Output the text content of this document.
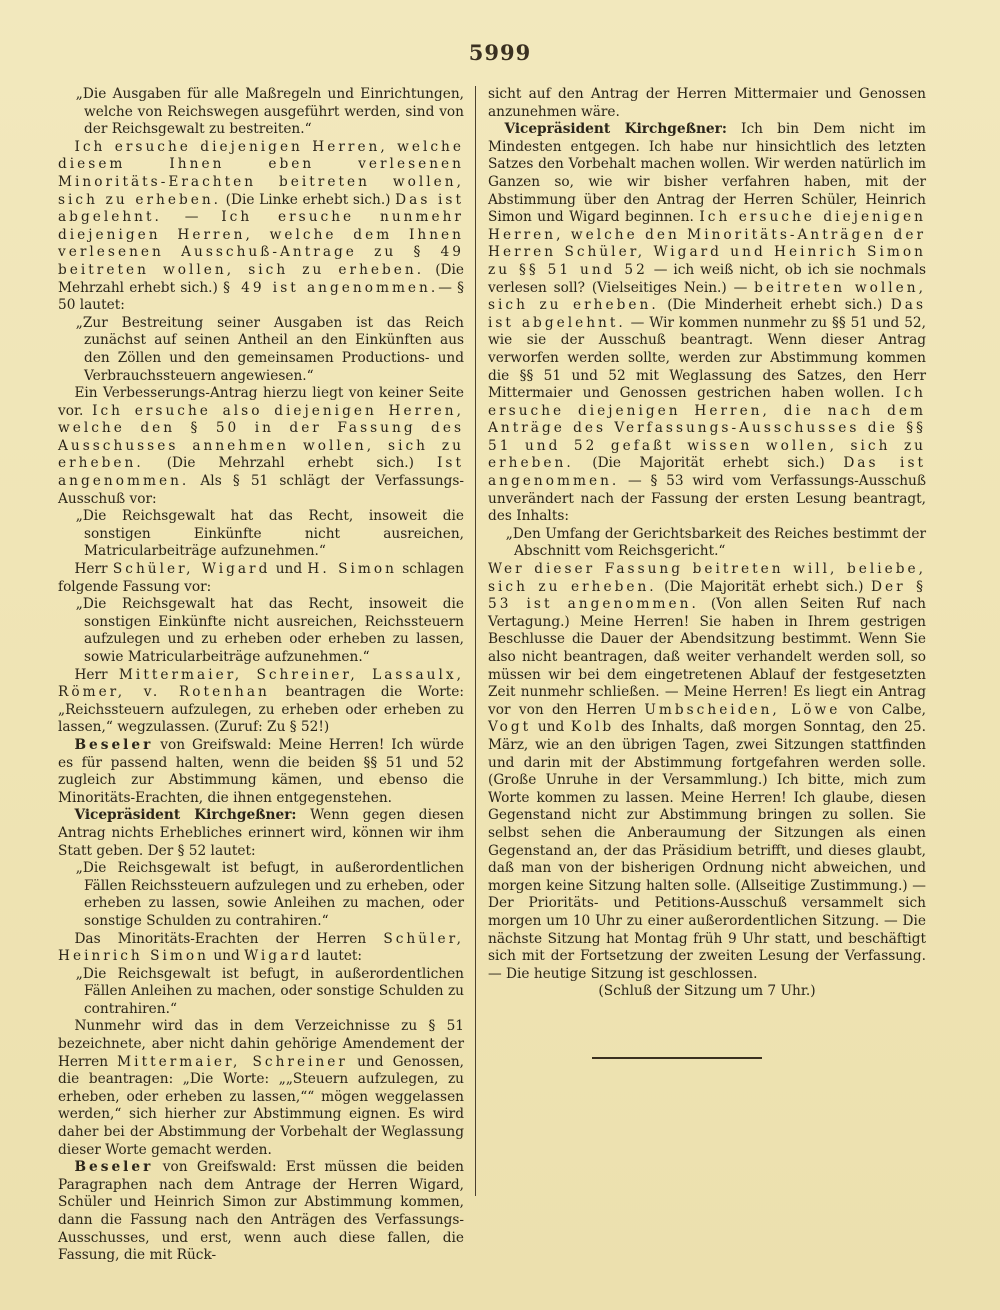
5999

„Die Ausgaben für alle Maßregeln und Einrichtungen, welche von Reichswegen ausgeführt werden, sind von der Reichsgewalt zu bestreiten.“

Ich ersuche diejenigen Herren, welche diesem Ihnen eben verlesenen Minoritäts-Erachten beitreten wollen, sich zu erheben. (Die Linke erhebt sich.) Das ist abgelehnt. — Ich ersuche nunmehr diejenigen Herren, welche dem Ihnen verlesenen Ausschuß-Antrage zu § 49 beitreten wollen, sich zu erheben. (Die Mehrzahl erhebt sich.) § 49 ist angenommen.— § 50 lautet:

„Zur Bestreitung seiner Ausgaben ist das Reich zunächst auf seinen Antheil an den Einkünften aus den Zöllen und den gemeinsamen Productions- und Verbrauchssteuern angewiesen.“

Ein Verbesserungs-Antrag hierzu liegt von keiner Seite vor. Ich ersuche also diejenigen Herren, welche den § 50 in der Fassung des Ausschusses annehmen wollen, sich zu erheben. (Die Mehrzahl erhebt sich.) Ist angenommen. Als § 51 schlägt der Verfassungs-Ausschuß vor:

„Die Reichsgewalt hat das Recht, insoweit die sonstigen Einkünfte nicht ausreichen, Matricularbeiträge aufzunehmen.“

Herr Schüler, Wigard und H. Simon schlagen folgende Fassung vor:

„Die Reichsgewalt hat das Recht, insoweit die sonstigen Einkünfte nicht ausreichen, Reichssteuern aufzulegen und zu erheben oder erheben zu lassen, sowie Matricularbeiträge aufzunehmen.“

Herr Mittermaier, Schreiner, Lassaulx, Römer, v. Rotenhan beantragen die Worte: „Reichssteuern aufzulegen, zu erheben oder erheben zu lassen,“ wegzulassen. (Zuruf: Zu § 52!)

Beseler von Greifswald: Meine Herren! Ich würde es für passend halten, wenn die beiden §§ 51 und 52 zugleich zur Abstimmung kämen, und ebenso die Minoritäts-Erachten, die ihnen entgegenstehen.

Vicepräsident Kirchgeßner: Wenn gegen diesen Antrag nichts Erhebliches erinnert wird, können wir ihm Statt geben. Der § 52 lautet:

„Die Reichsgewalt ist befugt, in außerordentlichen Fällen Reichssteuern aufzulegen und zu erheben, oder erheben zu lassen, sowie Anleihen zu machen, oder sonstige Schulden zu contrahiren.“

Das Minoritäts-Erachten der Herren Schüler, Heinrich Simon und Wigard lautet:

„Die Reichsgewalt ist befugt, in außerordentlichen Fällen Anleihen zu machen, oder sonstige Schulden zu contrahiren.“

Nunmehr wird das in dem Verzeichnisse zu § 51 bezeichnete, aber nicht dahin gehörige Amendement der Herren Mittermaier, Schreiner und Genossen, die beantragen: „Die Worte: „„Steuern aufzulegen, zu erheben, oder erheben zu lassen,““ mögen weggelassen werden,“ sich hierher zur Abstimmung eignen. Es wird daher bei der Abstimmung der Vorbehalt der Weglassung dieser Worte gemacht werden.

Beseler von Greifswald: Erst müssen die beiden Paragraphen nach dem Antrage der Herren Wigard, Schüler und Heinrich Simon zur Abstimmung kommen, dann die Fassung nach den Anträgen des Verfassungs-Ausschusses, und erst, wenn auch diese fallen, die Fassung, die mit Rück-

sicht auf den Antrag der Herren Mittermaier und Genossen anzunehmen wäre.

Vicepräsident Kirchgeßner: Ich bin Dem nicht im Mindesten entgegen. Ich habe nur hinsichtlich des letzten Satzes den Vorbehalt machen wollen. Wir werden natürlich im Ganzen so, wie wir bisher verfahren haben, mit der Abstimmung über den Antrag der Herren Schüler, Heinrich Simon und Wigard beginnen. Ich ersuche diejenigen Herren, welche den Minoritäts-Anträgen der Herren Schüler, Wigard und Heinrich Simon zu §§ 51 und 52 — ich weiß nicht, ob ich sie nochmals verlesen soll? (Vielseitiges Nein.) — beitreten wollen, sich zu erheben. (Die Minderheit erhebt sich.) Das ist abgelehnt. — Wir kommen nunmehr zu §§ 51 und 52, wie sie der Ausschuß beantragt. Wenn dieser Antrag verworfen werden sollte, werden zur Abstimmung kommen die §§ 51 und 52 mit Weglassung des Satzes, den Herr Mittermaier und Genossen gestrichen haben wollen. Ich ersuche diejenigen Herren, die nach dem Anträge des Verfassungs-Ausschusses die §§ 51 und 52 gefaßt wissen wollen, sich zu erheben. (Die Majorität erhebt sich.) Das ist angenommen. — § 53 wird vom Verfassungs-Ausschuß unverändert nach der Fassung der ersten Lesung beantragt, des Inhalts:

„Den Umfang der Gerichtsbarkeit des Reiches bestimmt der Abschnitt vom Reichsgericht.“

Wer dieser Fassung beitreten will, beliebe, sich zu erheben. (Die Majorität erhebt sich.) Der § 53 ist angenommen. (Von allen Seiten Ruf nach Vertagung.) Meine Herren! Sie haben in Ihrem gestrigen Beschlusse die Dauer der Abendsitzung bestimmt. Wenn Sie also nicht beantragen, daß weiter verhandelt werden soll, so müssen wir bei dem eingetretenen Ablauf der festgesetzten Zeit nunmehr schließen. — Meine Herren! Es liegt ein Antrag vor von den Herren Umbscheiden, Löwe von Calbe, Vogt und Kolb des Inhalts, daß morgen Sonntag, den 25. März, wie an den übrigen Tagen, zwei Sitzungen stattfinden und darin mit der Abstimmung fortgefahren werden solle. (Große Unruhe in der Versammlung.) Ich bitte, mich zum Worte kommen zu lassen. Meine Herren! Ich glaube, diesen Gegenstand nicht zur Abstimmung bringen zu sollen. Sie selbst sehen die Anberaumung der Sitzungen als einen Gegenstand an, der das Präsidium betrifft, und dieses glaubt, daß man von der bisherigen Ordnung nicht abweichen, und morgen keine Sitzung halten solle. (Allseitige Zustimmung.) — Der Prioritäts- und Petitions-Ausschuß versammelt sich morgen um 10 Uhr zu einer außerordentlichen Sitzung. — Die nächste Sitzung hat Montag früh 9 Uhr statt, und beschäftigt sich mit der Fortsetzung der zweiten Lesung der Verfassung. — Die heutige Sitzung ist geschlossen.

(Schluß der Sitzung um 7 Uhr.)
